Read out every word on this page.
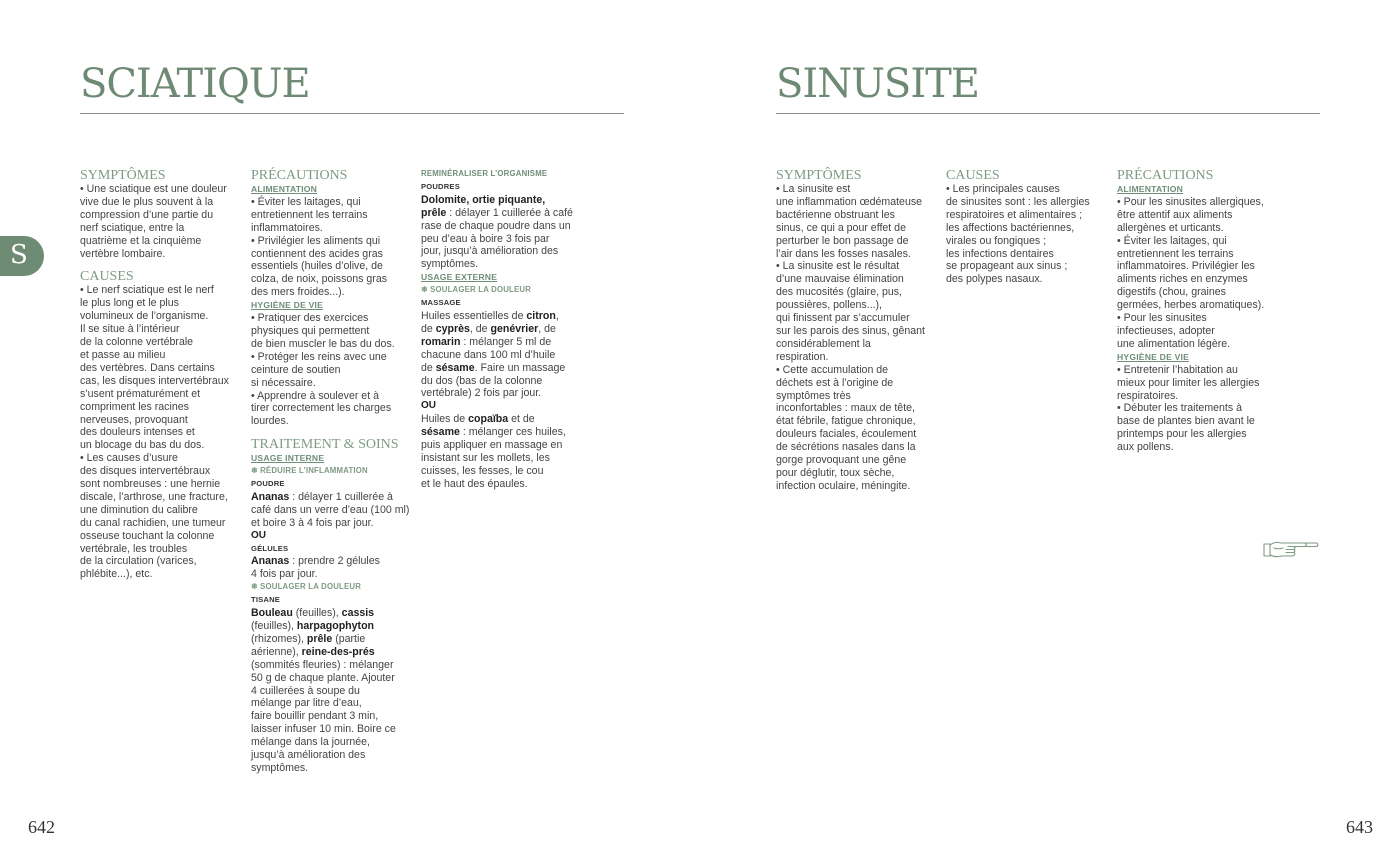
SCIATIQUE
S
SYMPTÔMES
• Une sciatique est une douleur
vive due le plus souvent à la
compression d’une partie du
nerf sciatique, entre la
quatrième et la cinquième
vertèbre lombaire.
CAUSES
• Le nerf sciatique est le nerf
le plus long et le plus
volumineux de l’organisme.
Il se situe à l’intérieur
de la colonne vertébrale
et passe au milieu
des vertèbres. Dans certains
cas, les disques intervertébraux
s’usent prématurément et
compriment les racines
nerveuses, provoquant
des douleurs intenses et
un blocage du bas du dos.
• Les causes d’usure
des disques intervertébraux
sont nombreuses : une hernie
discale, l’arthrose, une fracture,
une diminution du calibre
du canal rachidien, une tumeur
osseuse touchant la colonne
vertébrale, les troubles
de la circulation (varices,
phlébite...), etc.
PRÉCAUTIONS
ALIMENTATION
• Éviter les laitages, qui
entretiennent les terrains
inflammatoires.
• Privilégier les aliments qui
contiennent des acides gras
essentiels (huiles d’olive, de
colza, de noix, poissons gras
des mers froides...).
HYGIÈNE DE VIE
• Pratiquer des exercices
physiques qui permettent
de bien muscler le bas du dos.
• Protéger les reins avec une
ceinture de soutien
si nécessaire.
• Apprendre à soulever et à
tirer correctement les charges
lourdes.
TRAITEMENT & SOINS
USAGE INTERNE
❄ RÉDUIRE L’INFLAMMATION
POUDRE
Ananas : délayer 1 cuillerée à
café dans un verre d’eau (100 ml)
et boire 3 à 4 fois par jour.
OU
GÉLULES
Ananas : prendre 2 gélules
4 fois par jour.
❄ SOULAGER LA DOULEUR
TISANE
Bouleau (feuilles), cassis
(feuilles), harpagophyton
(rhizomes), prêle (partie
aérienne), reine-des-prés
(sommités fleuries) : mélanger
50 g de chaque plante. Ajouter
4 cuillerées à soupe du
mélange par litre d’eau,
faire bouillir pendant 3 min,
laisser infuser 10 min. Boire ce
mélange dans la journée,
jusqu’à amélioration des
symptômes.
REMINÉRALISER L’ORGANISME
POUDRES
Dolomite, ortie piquante,
prêle : délayer 1 cuillerée à café
rase de chaque poudre dans un
peu d’eau à boire 3 fois par
jour, jusqu’à amélioration des
symptômes.
USAGE EXTERNE
❄ SOULAGER LA DOULEUR
MASSAGE
Huiles essentielles de citron,
de cyprès, de genévrier, de
romarin : mélanger 5 ml de
chacune dans 100 ml d’huile
de sésame. Faire un massage
du dos (bas de la colonne
vertébrale) 2 fois par jour.
OU
Huiles de copaïba et de
sésame : mélanger ces huiles,
puis appliquer en massage en
insistant sur les mollets, les
cuisses, les fesses, le cou
et le haut des épaules.
642
SINUSITE
SYMPTÔMES
• La sinusite est
une inflammation œdémateuse
bactérienne obstruant les
sinus, ce qui a pour effet de
perturber le bon passage de
l’air dans les fosses nasales.
• La sinusite est le résultat
d’une mauvaise élimination
des mucosités (glaire, pus,
poussières, pollens...),
qui finissent par s’accumuler
sur les parois des sinus, gênant
considérablement la
respiration.
• Cette accumulation de
déchets est à l’origine de
symptômes très
inconfortables : maux de tête,
état fébrile, fatigue chronique,
douleurs faciales, écoulement
de sécrétions nasales dans la
gorge provoquant une gêne
pour déglutir, toux sèche,
infection oculaire, méningite.
CAUSES
• Les principales causes
de sinusites sont : les allergies
respiratoires et alimentaires ;
les affections bactériennes,
virales ou fongiques ;
les infections dentaires
se propageant aux sinus ;
des polypes nasaux.
PRÉCAUTIONS
ALIMENTATION
• Pour les sinusites allergiques,
être attentif aux aliments
allergènes et urticants.
• Éviter les laitages, qui
entretiennent les terrains
inflammatoires. Privilégier les
aliments riches en enzymes
digestifs (chou, graines
germées, herbes aromatiques).
• Pour les sinusites
infectieuses, adopter
une alimentation légère.
HYGIÈNE DE VIE
• Entretenir l’habitation au
mieux pour limiter les allergies
respiratoires.
• Débuter les traitements à
base de plantes bien avant le
printemps pour les allergies
aux pollens.
643
